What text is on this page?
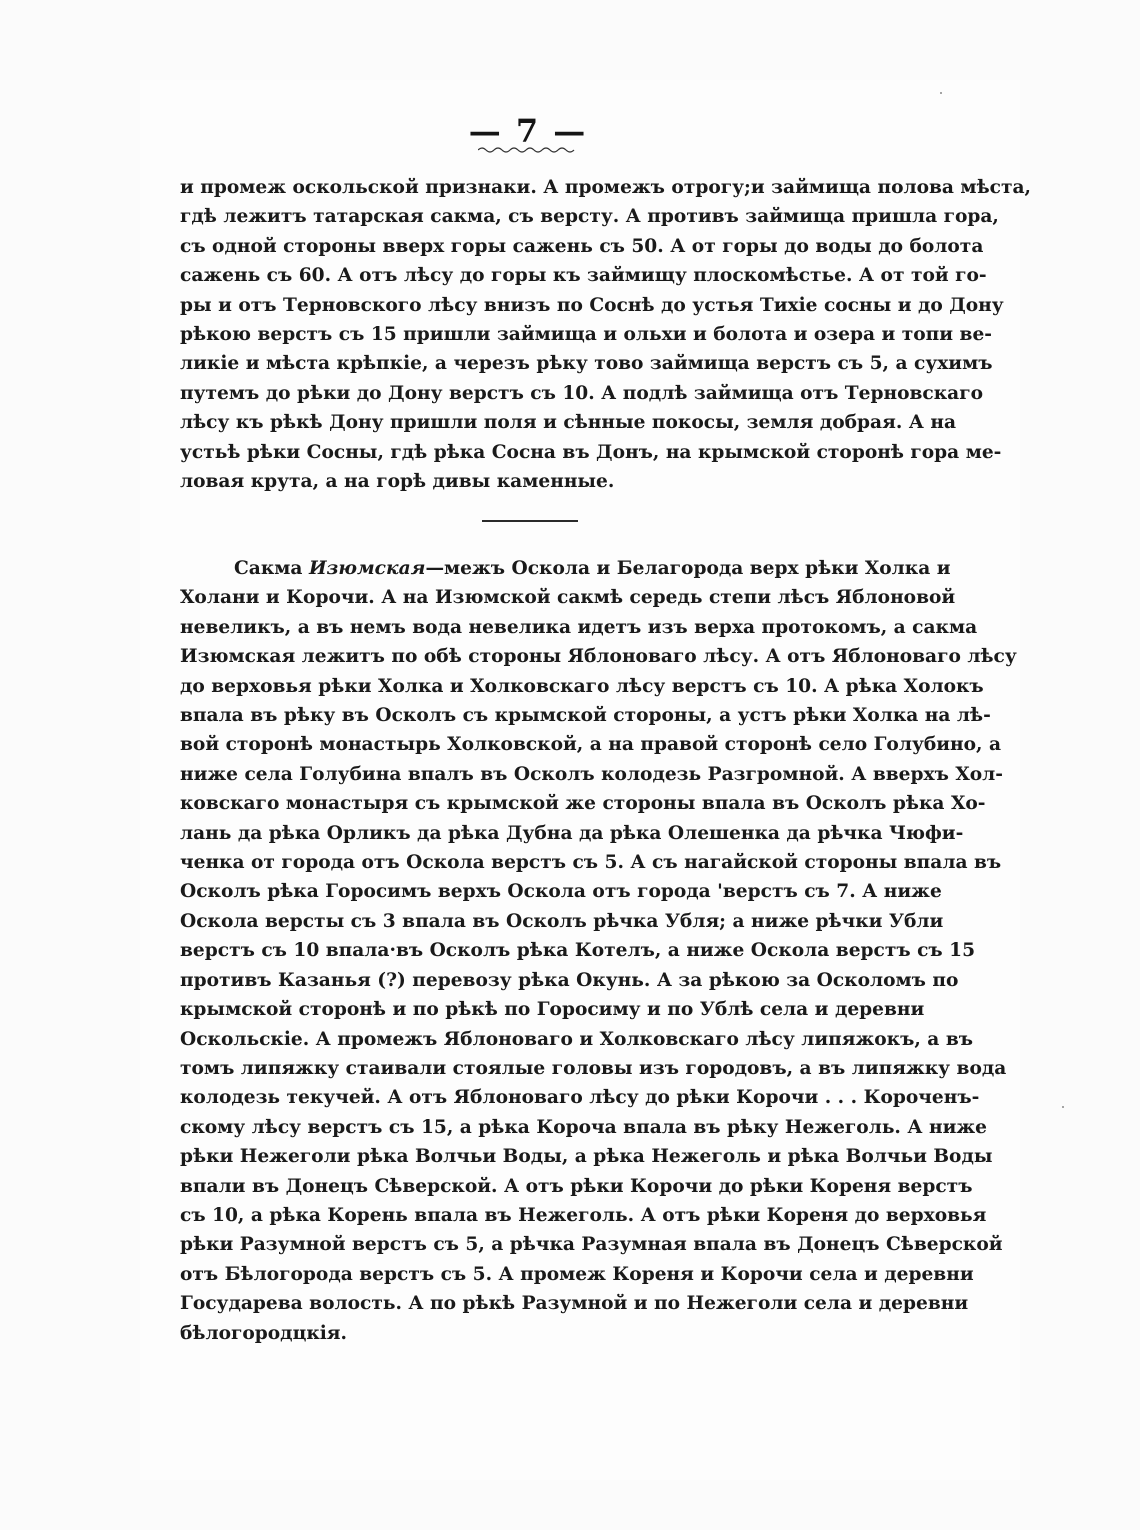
— 7 —
и промеж оскольской признаки. А промежъ отрогу;и займища полова мѣста,
гдѣ лежитъ татарская сакма, съ версту. А противъ займища пришла гора,
съ одной стороны вверх горы сажень съ 50. А от горы до воды до болота
сажень съ 60. А отъ лѣсу до горы къ займищу плоскомѣстье. А от той го-
ры и отъ Терновского лѣсу внизъ по Соснѣ до устья Тихіе сосны и до Дону
рѣкою верстъ съ 15 пришли займища и ольхи и болота и озера и топи ве-
ликіе и мѣста крѣпкіе, а черезъ рѣку тово займища верстъ съ 5, а сухимъ
путемъ до рѣки до Дону верстъ съ 10. А подлѣ займища отъ Терновскаго
лѣсу къ рѣкѣ Дону пришли поля и сѣнные покосы, земля добрая. А на
устьѣ рѣки Сосны, гдѣ рѣка Сосна въ Донъ, на крымской сторонѣ гора ме-
ловая крута, а на горѣ дивы каменные.
Сакма Изюмская—межъ Оскола и Белагорода верх рѣки Холка и
Холани и Корочи. А на Изюмской сакмѣ середь степи лѣсъ Яблоновой
невеликъ, а въ немъ вода невелика идетъ изъ верха протокомъ, а сакма
Изюмская лежитъ по обѣ стороны Яблоноваго лѣсу. А отъ Яблоноваго лѣсу
до верховья рѣки Холка и Холковскаго лѣсу верстъ съ 10. А рѣка Холокъ
впала въ рѣку въ Осколъ съ крымской стороны, а устъ рѣки Холка на лѣ-
вой сторонѣ монастырь Холковской, а на правой сторонѣ село Голубино, а
ниже села Голубина впалъ въ Осколъ колодезь Разгромной. А вверхъ Хол-
ковскаго монастыря съ крымской же стороны впала въ Осколъ рѣка Хо-
лань да рѣка Орликъ да рѣка Дубна да рѣка Олешенка да рѣчка Чюфи-
ченка от города отъ Оскола верстъ съ 5. А съ нагайской стороны впала въ
Осколъ рѣка Горосимъ верхъ Оскола отъ города 'верстъ съ 7. А ниже
Оскола версты съ 3 впала въ Осколъ рѣчка Убля; а ниже рѣчки Убли
верстъ съ 10 впала·въ Осколъ рѣка Котелъ, а ниже Оскола верстъ съ 15
противъ Казанья (?) перевозу рѣка Окунь. А за рѣкою за Осколомъ по
крымской сторонѣ и по рѣкѣ по Горосиму и по Ублѣ села и деревни
Оскольскіе. А промежъ Яблоноваго и Холковскаго лѣсу липяжокъ, а въ
томъ липяжку стаивали стоялые головы изъ городовъ, а въ липяжку вода
колодезь текучей. А отъ Яблоноваго лѣсу до рѣки Корочи . . . Короченъ-
скому лѣсу верстъ съ 15, а рѣка Короча впала въ рѣку Нежеголь. А ниже
рѣки Нежеголи рѣка Волчьи Воды, а рѣка Нежеголь и рѣка Волчьи Воды
впали въ Донецъ Сѣверской. А отъ рѣки Корочи до рѣки Кореня верстъ
съ 10, а рѣка Корень впала въ Нежеголь. А отъ рѣки Кореня до верховья
рѣки Разумной верстъ съ 5, а рѣчка Разумная впала въ Донецъ Сѣверской
отъ Бѣлогорода верстъ съ 5. А промеж Кореня и Корочи села и деревни
Государева волость. А по рѣкѣ Разумной и по Нежеголи села и деревни
бѣлогородцкія.
